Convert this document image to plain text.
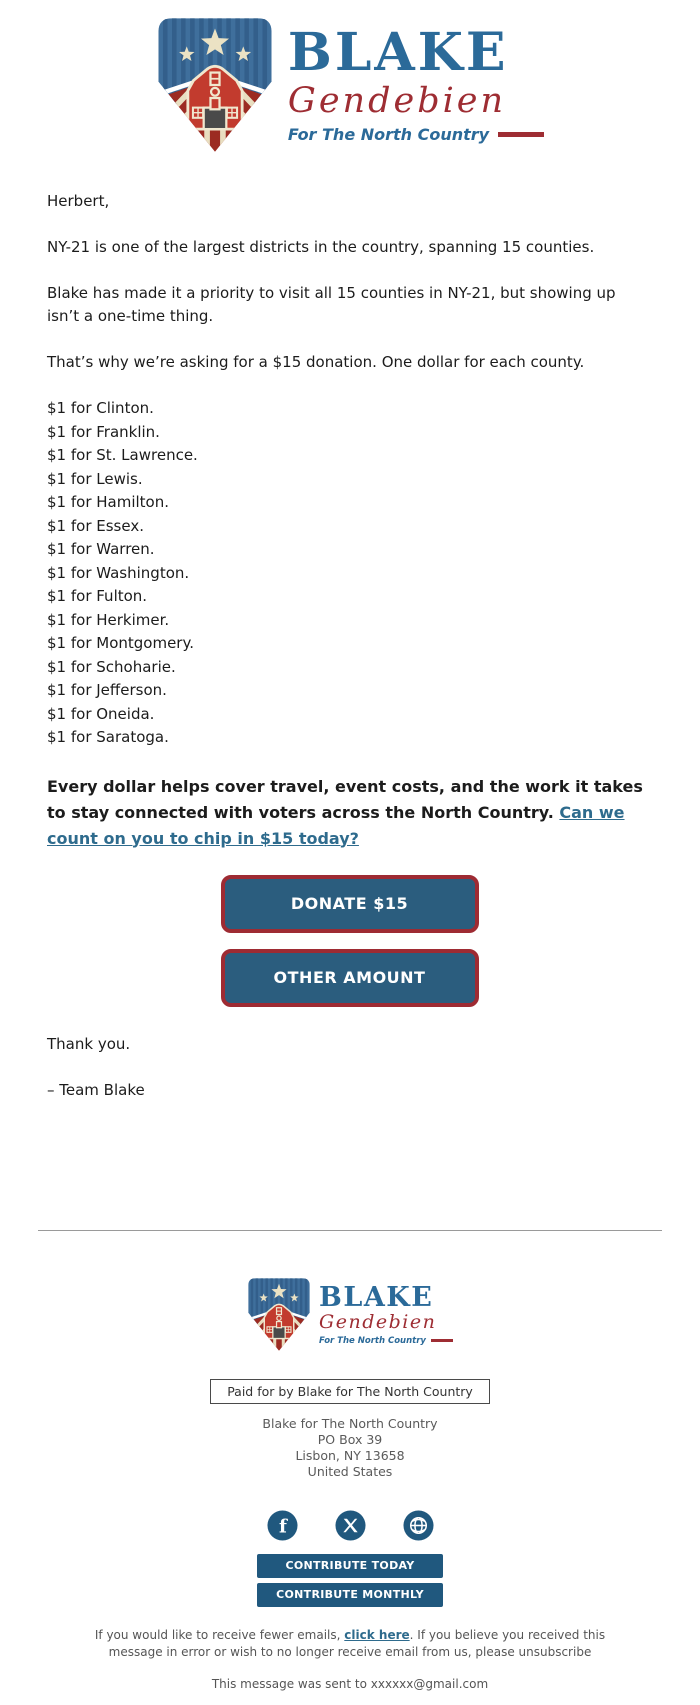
BLAKE
Gendebien
For The North Country

Herbert,

NY-21 is one of the largest districts in the country, spanning 15 counties.

Blake has made it a priority to visit all 15 counties in NY-21, but showing up isn’t a one-time thing.

That’s why we’re asking for a $15 donation. One dollar for each county.

$1 for Clinton.
$1 for Franklin.
$1 for St. Lawrence.
$1 for Lewis.
$1 for Hamilton.
$1 for Essex.
$1 for Warren.
$1 for Washington.
$1 for Fulton.
$1 for Herkimer.
$1 for Montgomery.
$1 for Schoharie.
$1 for Jefferson.
$1 for Oneida.
$1 for Saratoga.

Every dollar helps cover travel, event costs, and the work it takes to stay connected with voters across the North Country. Can we count on you to chip in $15 today?

DONATE $15
OTHER AMOUNT

Thank you.

– Team Blake

BLAKE
Gendebien
For The North Country
Paid for by Blake for The North Country
Blake for The North Country
PO Box 39
Lisbon, NY 13658
United States
f
CONTRIBUTE TODAY
CONTRIBUTE MONTHLY

If you would like to receive fewer emails, click here. If you believe you received this message in error or wish to no longer receive email from us, please unsubscribe

This message was sent to xxxxxx@gmail.com
